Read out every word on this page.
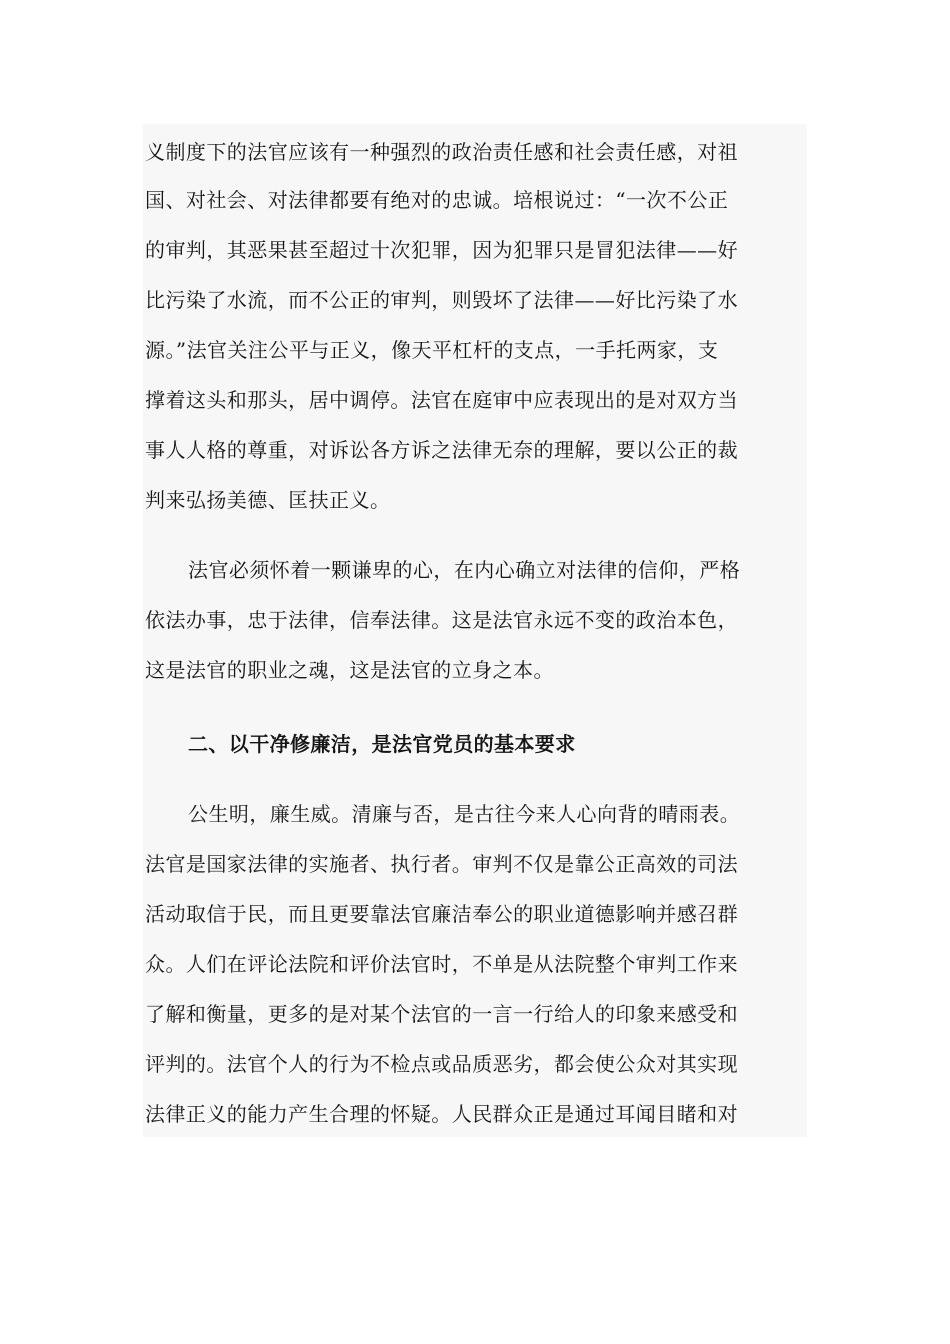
义制度下的法官应该有一种强烈的政治责任感和社会责任感，对祖
国、对社会、对法律都要有绝对的忠诚。培根说过：“一次不公正
的审判，其恶果甚至超过十次犯罪，因为犯罪只是冒犯法律——好
比污染了水流，而不公正的审判，则毁坏了法律——好比污染了水
源。”法官关注公平与正义，像天平杠杆的支点，一手托两家，支
撑着这头和那头，居中调停。法官在庭审中应表现出的是对双方当
事人人格的尊重，对诉讼各方诉之法律无奈的理解，要以公正的裁
判来弘扬美德、匡扶正义。
法官必须怀着一颗谦卑的心，在内心确立对法律的信仰，严格
依法办事，忠于法律，信奉法律。这是法官永远不变的政治本色，
这是法官的职业之魂，这是法官的立身之本。
二、以干净修廉洁，是法官党员的基本要求
公生明，廉生威。清廉与否，是古往今来人心向背的晴雨表。
法官是国家法律的实施者、执行者。审判不仅是靠公正高效的司法
活动取信于民，而且更要靠法官廉洁奉公的职业道德影响并感召群
众。人们在评论法院和评价法官时，不单是从法院整个审判工作来
了解和衡量，更多的是对某个法官的一言一行给人的印象来感受和
评判的。法官个人的行为不检点或品质恶劣，都会使公众对其实现
法律正义的能力产生合理的怀疑。人民群众正是通过耳闻目睹和对
